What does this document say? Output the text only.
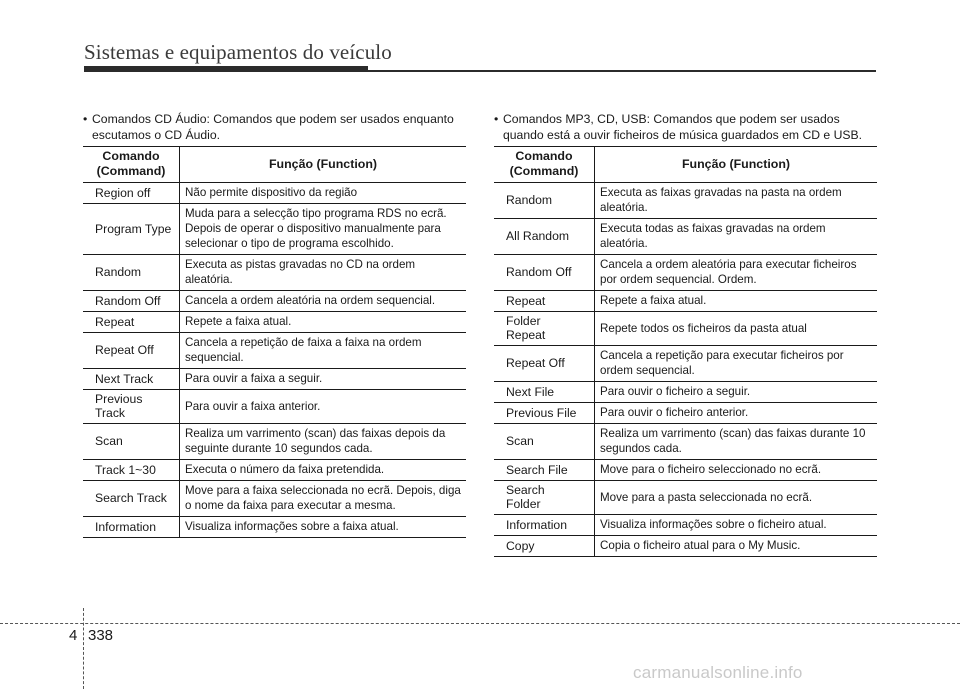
Sistemas e equipamentos do veículo

• Comandos CD Áudio: Comandos que podem ser usados enquanto escutamos o CD Áudio.

Comando
(Command)	Função (Function)
Region off	Não permite dispositivo da região
Program Type	Muda para a selecção tipo programa RDS no ecrã. Depois de operar o dispositivo manualmente para selecionar o tipo de programa escolhido.
Random	Executa as pistas gravadas no CD na ordem aleatória.
Random Off	Cancela a ordem aleatória na ordem sequencial.
Repeat	Repete a faixa atual.
Repeat Off	Cancela a repetição de faixa a faixa na ordem sequencial.
Next Track	Para ouvir a faixa a seguir.
Previous
Track	Para ouvir a faixa anterior.
Scan	Realiza um varrimento (scan) das faixas depois da seguinte durante 10 segundos cada.
Track 1~30	Executa o número da faixa pretendida.
Search Track	Move para a faixa seleccionada no ecrã. Depois, diga o nome da faixa para executar a mesma.
Information	Visualiza informações sobre a faixa atual.

• Comandos MP3, CD, USB: Comandos que podem ser usados quando está a ouvir ficheiros de música guardados em CD e USB.

Comando
(Command)	Função (Function)
Random	Executa as faixas gravadas na pasta na ordem aleatória.
All Random	Executa todas as faixas gravadas na ordem aleatória.
Random Off	Cancela a ordem aleatória para executar ficheiros por ordem sequencial. Ordem.
Repeat	Repete a faixa atual.
Folder
Repeat	Repete todos os ficheiros da pasta atual
Repeat Off	Cancela a repetição para executar ficheiros por ordem sequencial.
Next File	Para ouvir o ficheiro a seguir.
Previous File	Para ouvir o ficheiro anterior.
Scan	Realiza um varrimento (scan) das faixas durante 10 segundos cada.
Search File	Move para o ficheiro seleccionado no ecrã.
Search
Folder	Move para a pasta seleccionada no ecrã.
Information	Visualiza informações sobre o ficheiro atual.
Copy	Copia o ficheiro atual para o My Music.
4 338
carmanualsonline.info
